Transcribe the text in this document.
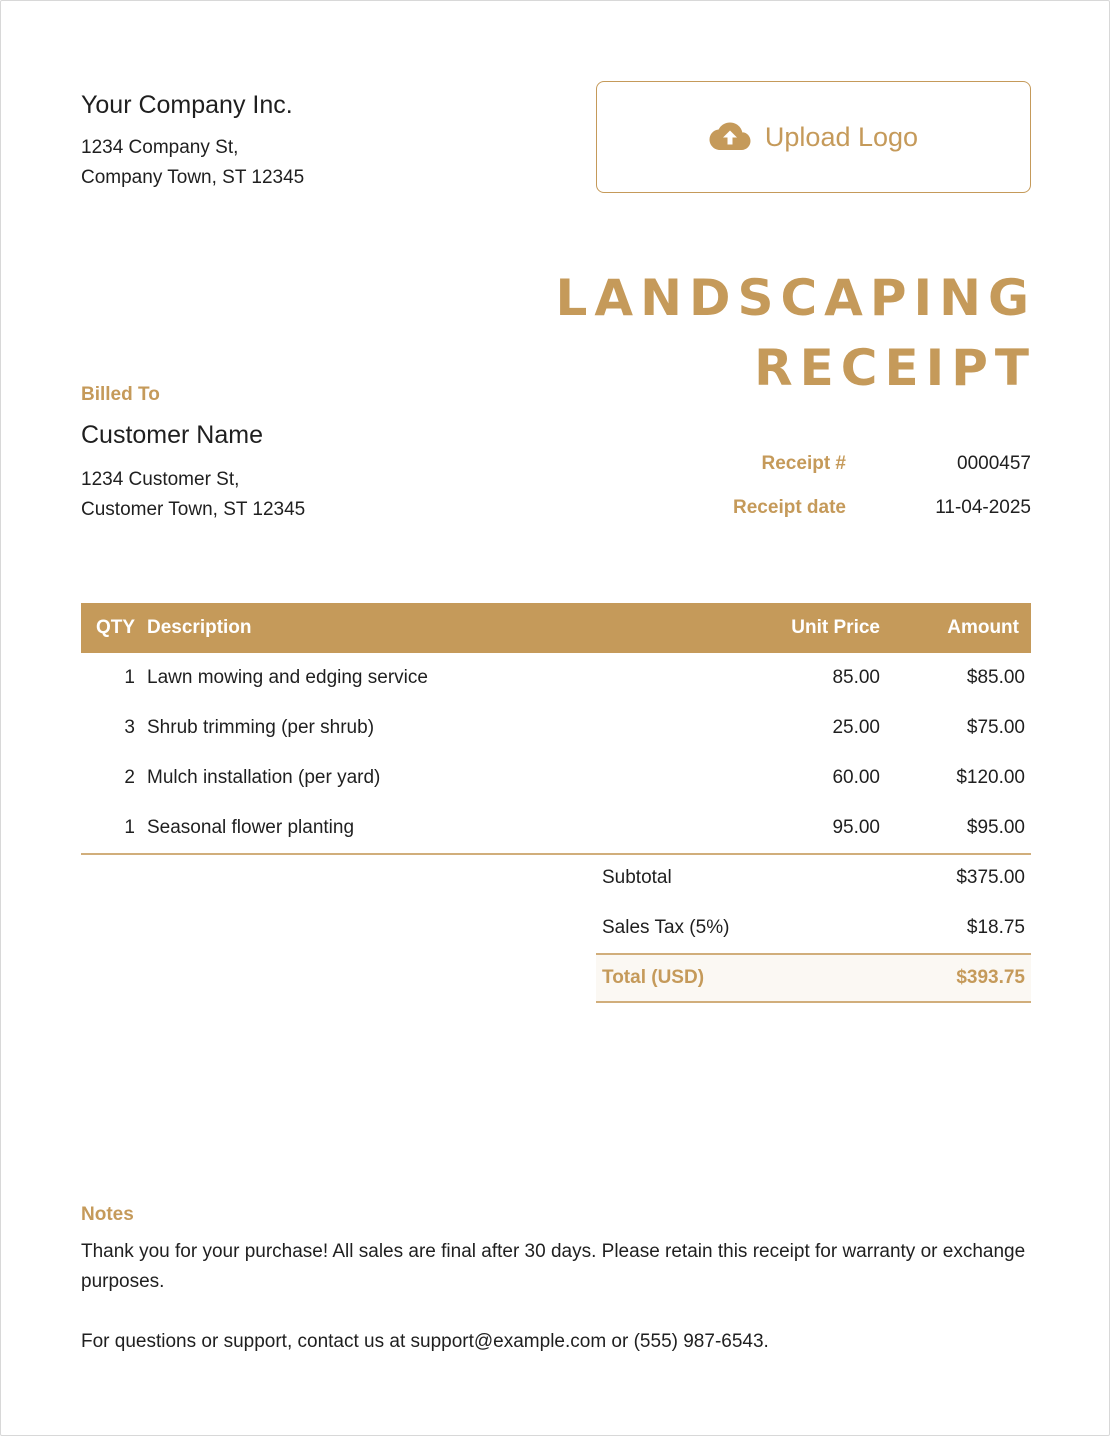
Your Company Inc.
1234 Company St,
Company Town, ST 12345
Upload Logo
LANDSCAPING
RECEIPT
Billed To
Customer Name
1234 Customer St,
Customer Town, ST 12345
Receipt #	0000457
Receipt date	11-04-2025
QTY Description	Unit Price	Amount
1 Lawn mowing and edging service	85.00	$85.00
3 Shrub trimming (per shrub)	25.00	$75.00
2 Mulch installation (per yard)	60.00	$120.00
1 Seasonal flower planting	95.00	$95.00
Subtotal	$375.00
Sales Tax (5%)	$18.75
Total (USD)	$393.75
Notes
Thank you for your purchase! All sales are final after 30 days. Please retain this receipt for warranty or exchange purposes.
For questions or support, contact us at support@example.com or (555) 987-6543.
